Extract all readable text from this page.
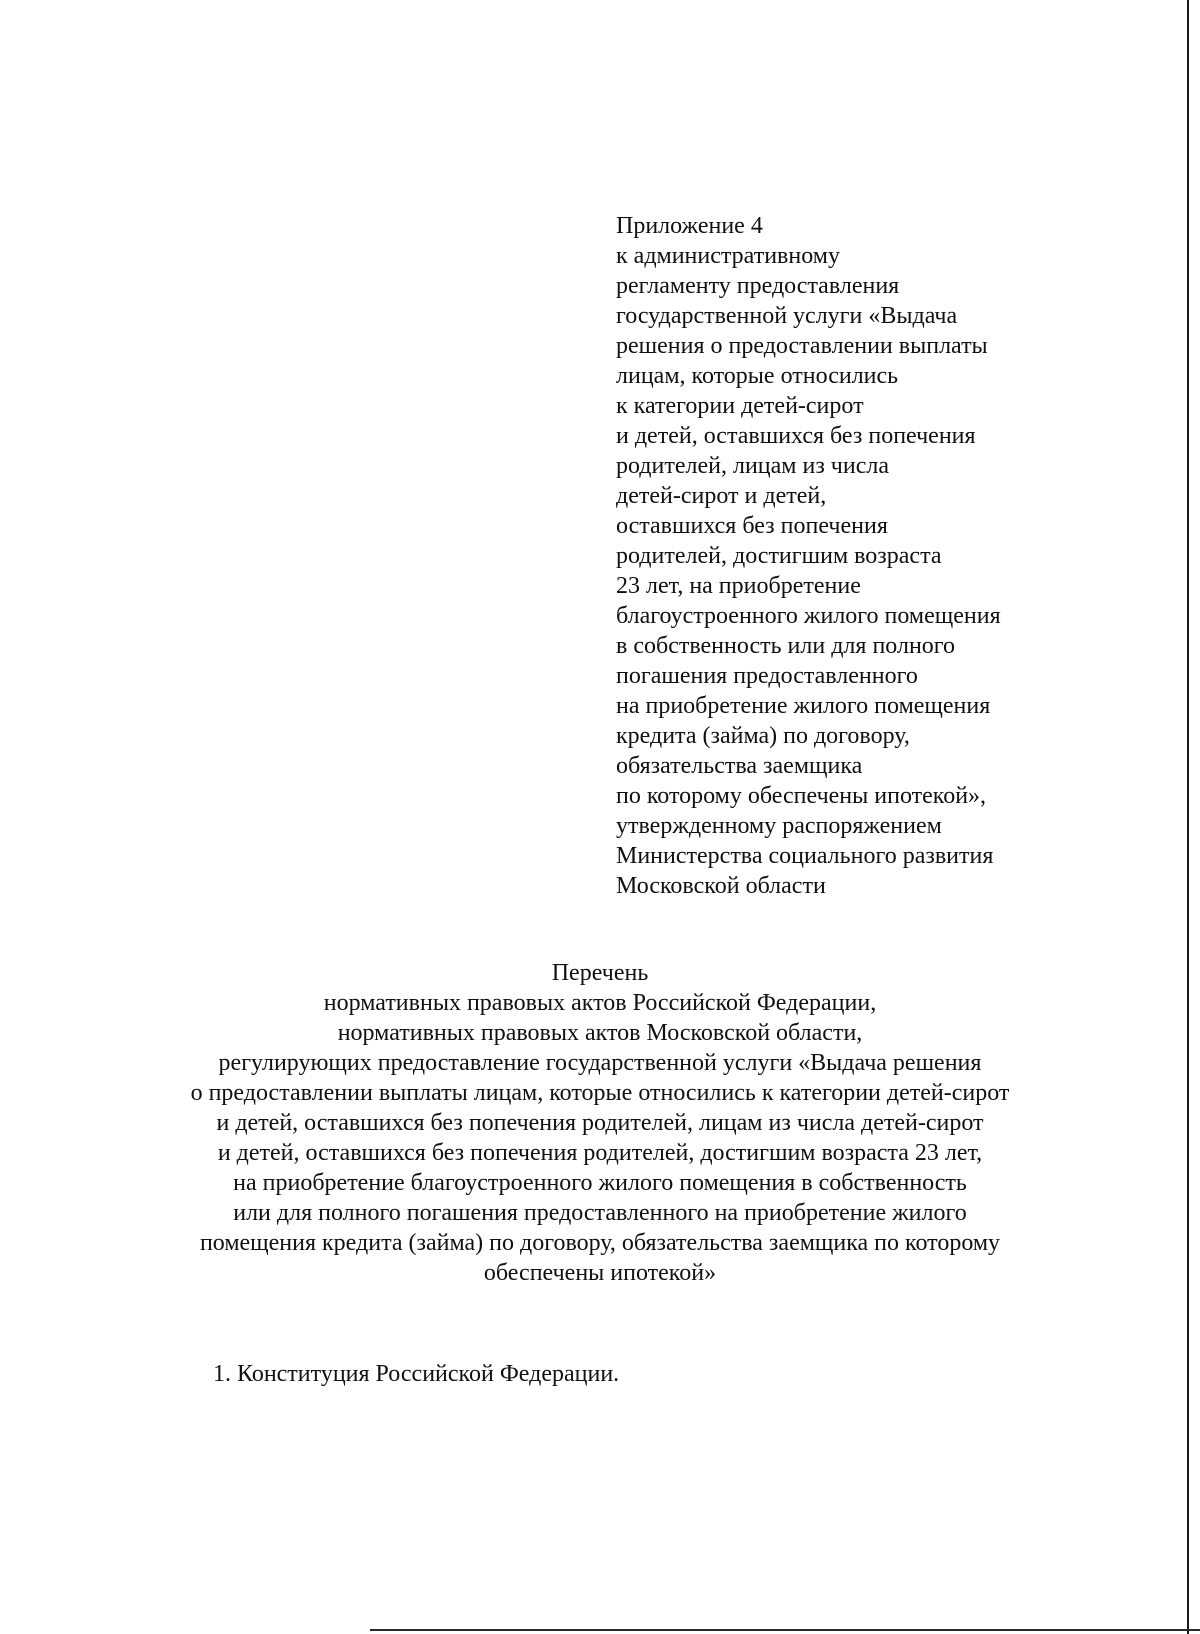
Приложение 4
к административному
регламенту предоставления
государственной услуги «Выдача
решения о предоставлении выплаты
лицам, которые относились
к категории детей-сирот
и детей, оставшихся без попечения
родителей, лицам из числа
детей-сирот и детей,
оставшихся без попечения
родителей, достигшим возраста
23 лет, на приобретение
благоустроенного жилого помещения
в собственность или для полного
погашения предоставленного
на приобретение жилого помещения
кредита (займа) по договору,
обязательства заемщика
по которому обеспечены ипотекой»,
утвержденному распоряжением
Министерства социального развития
Московской области
Перечень
нормативных правовых актов Российской Федерации,
нормативных правовых актов Московской области,
регулирующих предоставление государственной услуги «Выдача решения
о предоставлении выплаты лицам, которые относились к категории детей-сирот
и детей, оставшихся без попечения родителей, лицам из числа детей-сирот
и детей, оставшихся без попечения родителей, достигшим возраста 23 лет,
на приобретение благоустроенного жилого помещения в собственность
или для полного погашения предоставленного на приобретение жилого
помещения кредита (займа) по договору, обязательства заемщика по которому
обеспечены ипотекой»
1. Конституция Российской Федерации.
